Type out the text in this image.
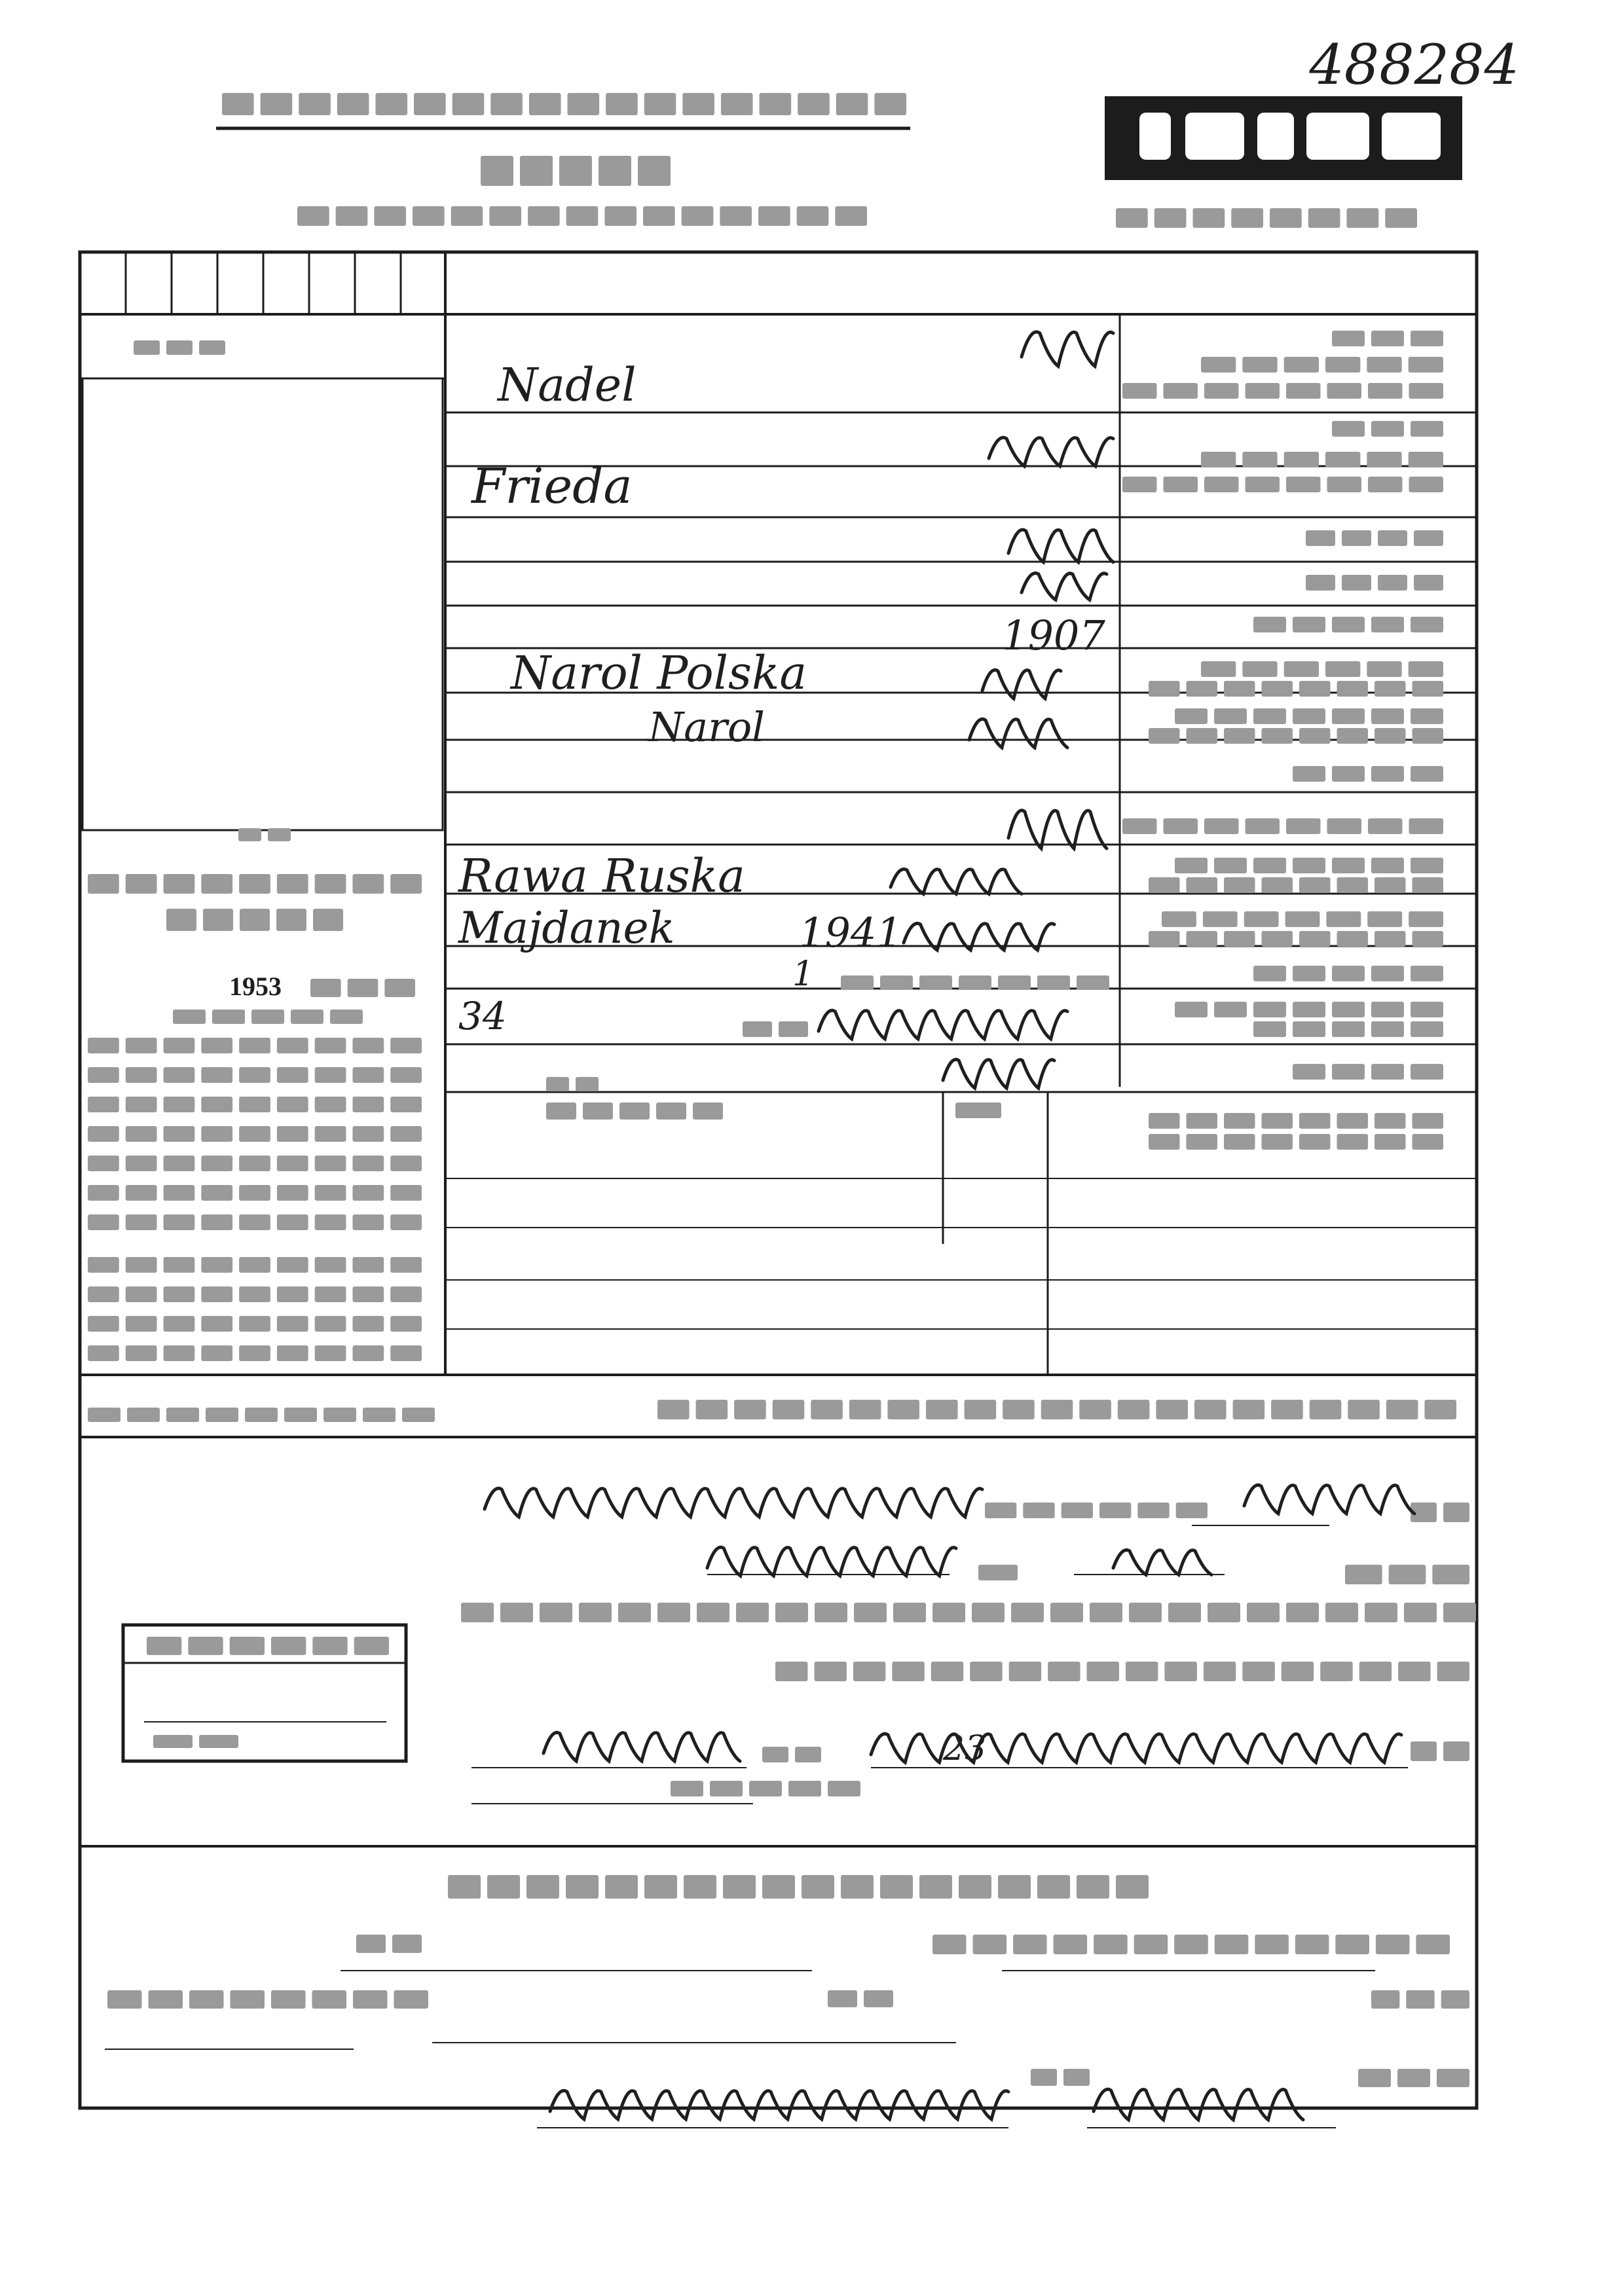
488284
1953
Nadel
Frieda
1907
Narol Polska
Narol
Rawa Ruska
Majdanek	1941
1
34
23
